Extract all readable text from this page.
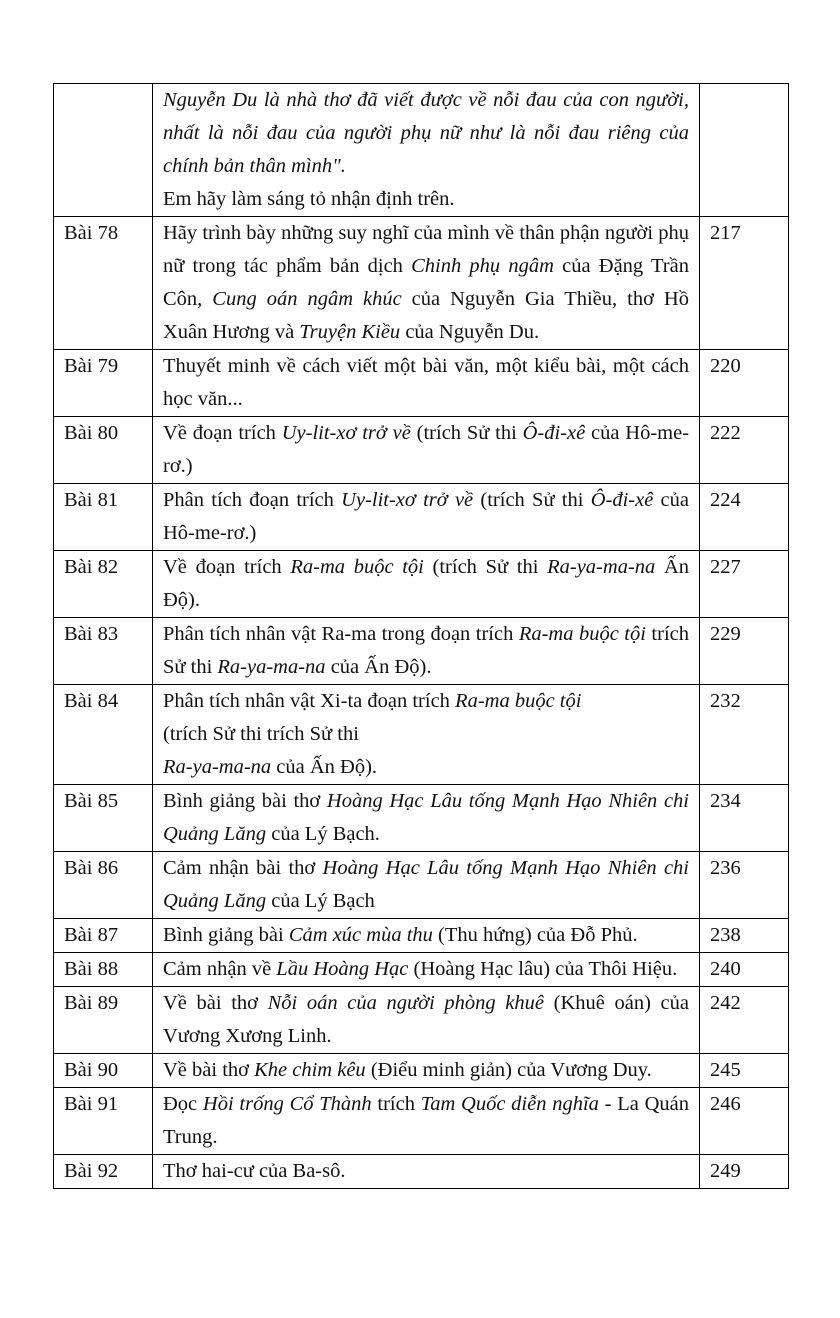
	Nguyễn Du là nhà thơ đã viết được về nỗi đau của con người, nhất là nỗi đau của người phụ nữ như là nỗi đau riêng của chính bản thân mình".
Em hãy làm sáng tỏ nhận định trên.	

Bài 78	Hãy trình bày những suy nghĩ của mình về thân phận người phụ nữ trong tác phẩm bản dịch Chinh phụ ngâm của Đặng Trần Côn, Cung oán ngâm khúc của Nguyễn Gia Thiều, thơ Hồ Xuân Hương và Truyện Kiều của Nguyễn Du.	217
Bài 79	Thuyết minh về cách viết một bài văn, một kiểu bài, một cách học văn...	220
Bài 80	Về đoạn trích Uy-lit-xơ trở về (trích Sử thi Ô-đi-xê của Hô-me-rơ.)	222
Bài 81	Phân tích đoạn trích Uy-lit-xơ trở về (trích Sử thi Ô-đi-xê của Hô-me-rơ.)	224
Bài 82	Về đoạn trích Ra-ma buộc tội (trích Sử thi Ra-ya-ma-na Ấn Độ).	227
Bài 83	Phân tích nhân vật Ra-ma trong đoạn trích Ra-ma buộc tội trích Sử thi Ra-ya-ma-na của Ấn Độ).	229
Bài 84	Phân tích nhân vật Xi-ta đoạn trích Ra-ma buộc tội
(trích Sử thi trích Sử thi
Ra-ya-ma-na của Ấn Độ).	232
Bài 85	Bình giảng bài thơ Hoàng Hạc Lâu tống Mạnh Hạo Nhiên chi Quảng Lăng của Lý Bạch.	234
Bài 86	Cảm nhận bài thơ Hoàng Hạc Lâu tống Mạnh Hạo Nhiên chi Quảng Lăng của Lý Bạch	236
Bài 87	Bình giảng bài Cảm xúc mùa thu (Thu hứng) của Đỗ Phủ.	238
Bài 88	Cảm nhận về Lầu Hoàng Hạc (Hoàng Hạc lâu) của Thôi Hiệu.	240
Bài 89	Về bài thơ Nỗi oán của người phòng khuê (Khuê oán) của Vương Xương Linh.	242
Bài 90	Về bài thơ Khe chim kêu (Điểu minh giản) của Vương Duy.	245
Bài 91	Đọc Hồi trống Cổ Thành trích Tam Quốc diễn nghĩa - La Quán Trung.	246
Bài 92	Thơ hai-cư của Ba-sô.	249
